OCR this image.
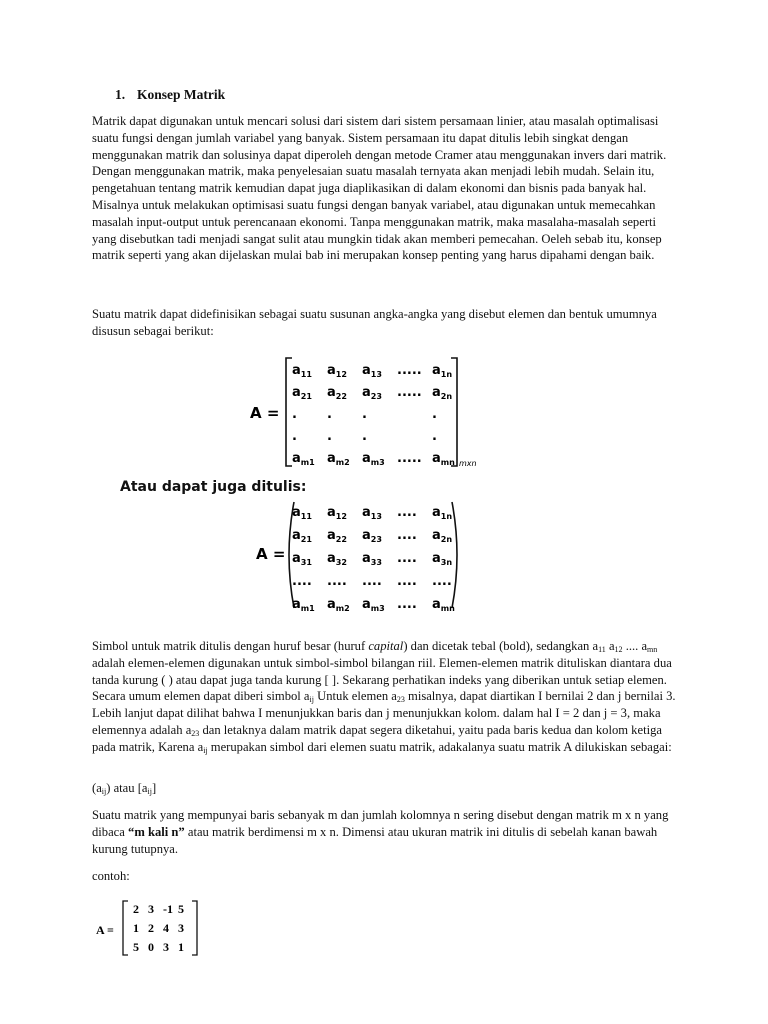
1. Konsep Matrik

Matrik dapat digunakan untuk mencari solusi dari sistem dari sistem persamaan linier, atau masalah optimalisasi suatu fungsi dengan jumlah variabel yang banyak. Sistem persamaan itu dapat ditulis lebih singkat dengan menggunakan matrik dan solusinya dapat diperoleh dengan metode Cramer atau menggunakan invers dari matrik. Dengan menggunakan matrik, maka penyelesaian suatu masalah ternyata akan menjadi lebih mudah. Selain itu, pengetahuan tentang matrik kemudian dapat juga diaplikasikan di dalam ekonomi dan bisnis pada banyak hal. Misalnya untuk melakukan optimisasi suatu fungsi dengan banyak variabel, atau digunakan untuk memecahkan masalah input-output untuk perencanaan ekonomi. Tanpa menggunakan matrik, maka masalaha-masalah seperti yang disebutkan tadi menjadi sangat sulit atau mungkin tidak akan memberi pemecahan. Oeleh sebab itu, konsep matrik seperti yang akan dijelaskan mulai bab ini merupakan konsep penting yang harus dipahami dengan baik.

Suatu matrik dapat didefinisikan sebagai suatu susunan angka-angka yang disebut elemen dan bentuk umumnya disusun sebagai berikut:

A =
$a_{11}$ $a_{12}$ $a_{13}$ ..... $a_{1n}$
$a_{21}$ $a_{22}$ $a_{23}$ ..... $a_{2n}$
. . .	.
. . .	.
$a_{m1}$ $a_{m2}$ $a_{m3}$ ..... $a_{mn}$ mxn
Atau dapat juga ditulis:
A =
$a_{11}$ $a_{12}$ $a_{13}$ .... $a_{1n}$
$a_{21}$ $a_{22}$ $a_{23}$ .... $a_{2n}$
$a_{31}$ $a_{32}$ $a_{33}$ .... $a_{3n}$
.... .... .... .... ....
$a_{m1}$ $a_{m2}$ $a_{m3}$ .... $a_{mn}$

Simbol untuk matrik ditulis dengan huruf besar (huruf capital) dan dicetak tebal (bold), sedangkan $a_{11}$ $a_{12}$ .... $a_{mn}$ adalah elemen-elemen digunakan untuk simbol-simbol bilangan riil. Elemen-elemen matrik dituliskan diantara dua tanda kurung ( ) atau dapat juga tanda kurung [ ]. Sekarang perhatikan indeks yang diberikan untuk setiap elemen. Secara umum elemen dapat diberi simbol $a_{ij}$ Untuk elemen $a_{23}$ misalnya, dapat diartikan I bernilai 2 dan j bernilai 3. Lebih lanjut dapat dilihat bahwa I menunjukkan baris dan j menunjukkan kolom. dalam hal I = 2 dan j = 3, maka elemennya adalah $a_{23}$ dan letaknya dalam matrik dapat segera diketahui, yaitu pada baris kedua dan kolom ketiga pada matrik, Karena $a_{ij}$ merupakan simbol dari elemen suatu matrik, adakalanya suatu matrik A dilukiskan sebagai:

$(a_{ij})$ atau $[a_{ij}]$

Suatu matrik yang mempunyai baris sebanyak m dan jumlah kolomnya n sering disebut dengan matrik m x n yang dibaca “m kali n” atau matrik berdimensi m x n. Dimensi atau ukuran matrik ini ditulis di sebelah kanan bawah kurung tutupnya.

contoh:

A =
2 3 -1 5
1 2 4 3
5 0 3 1
